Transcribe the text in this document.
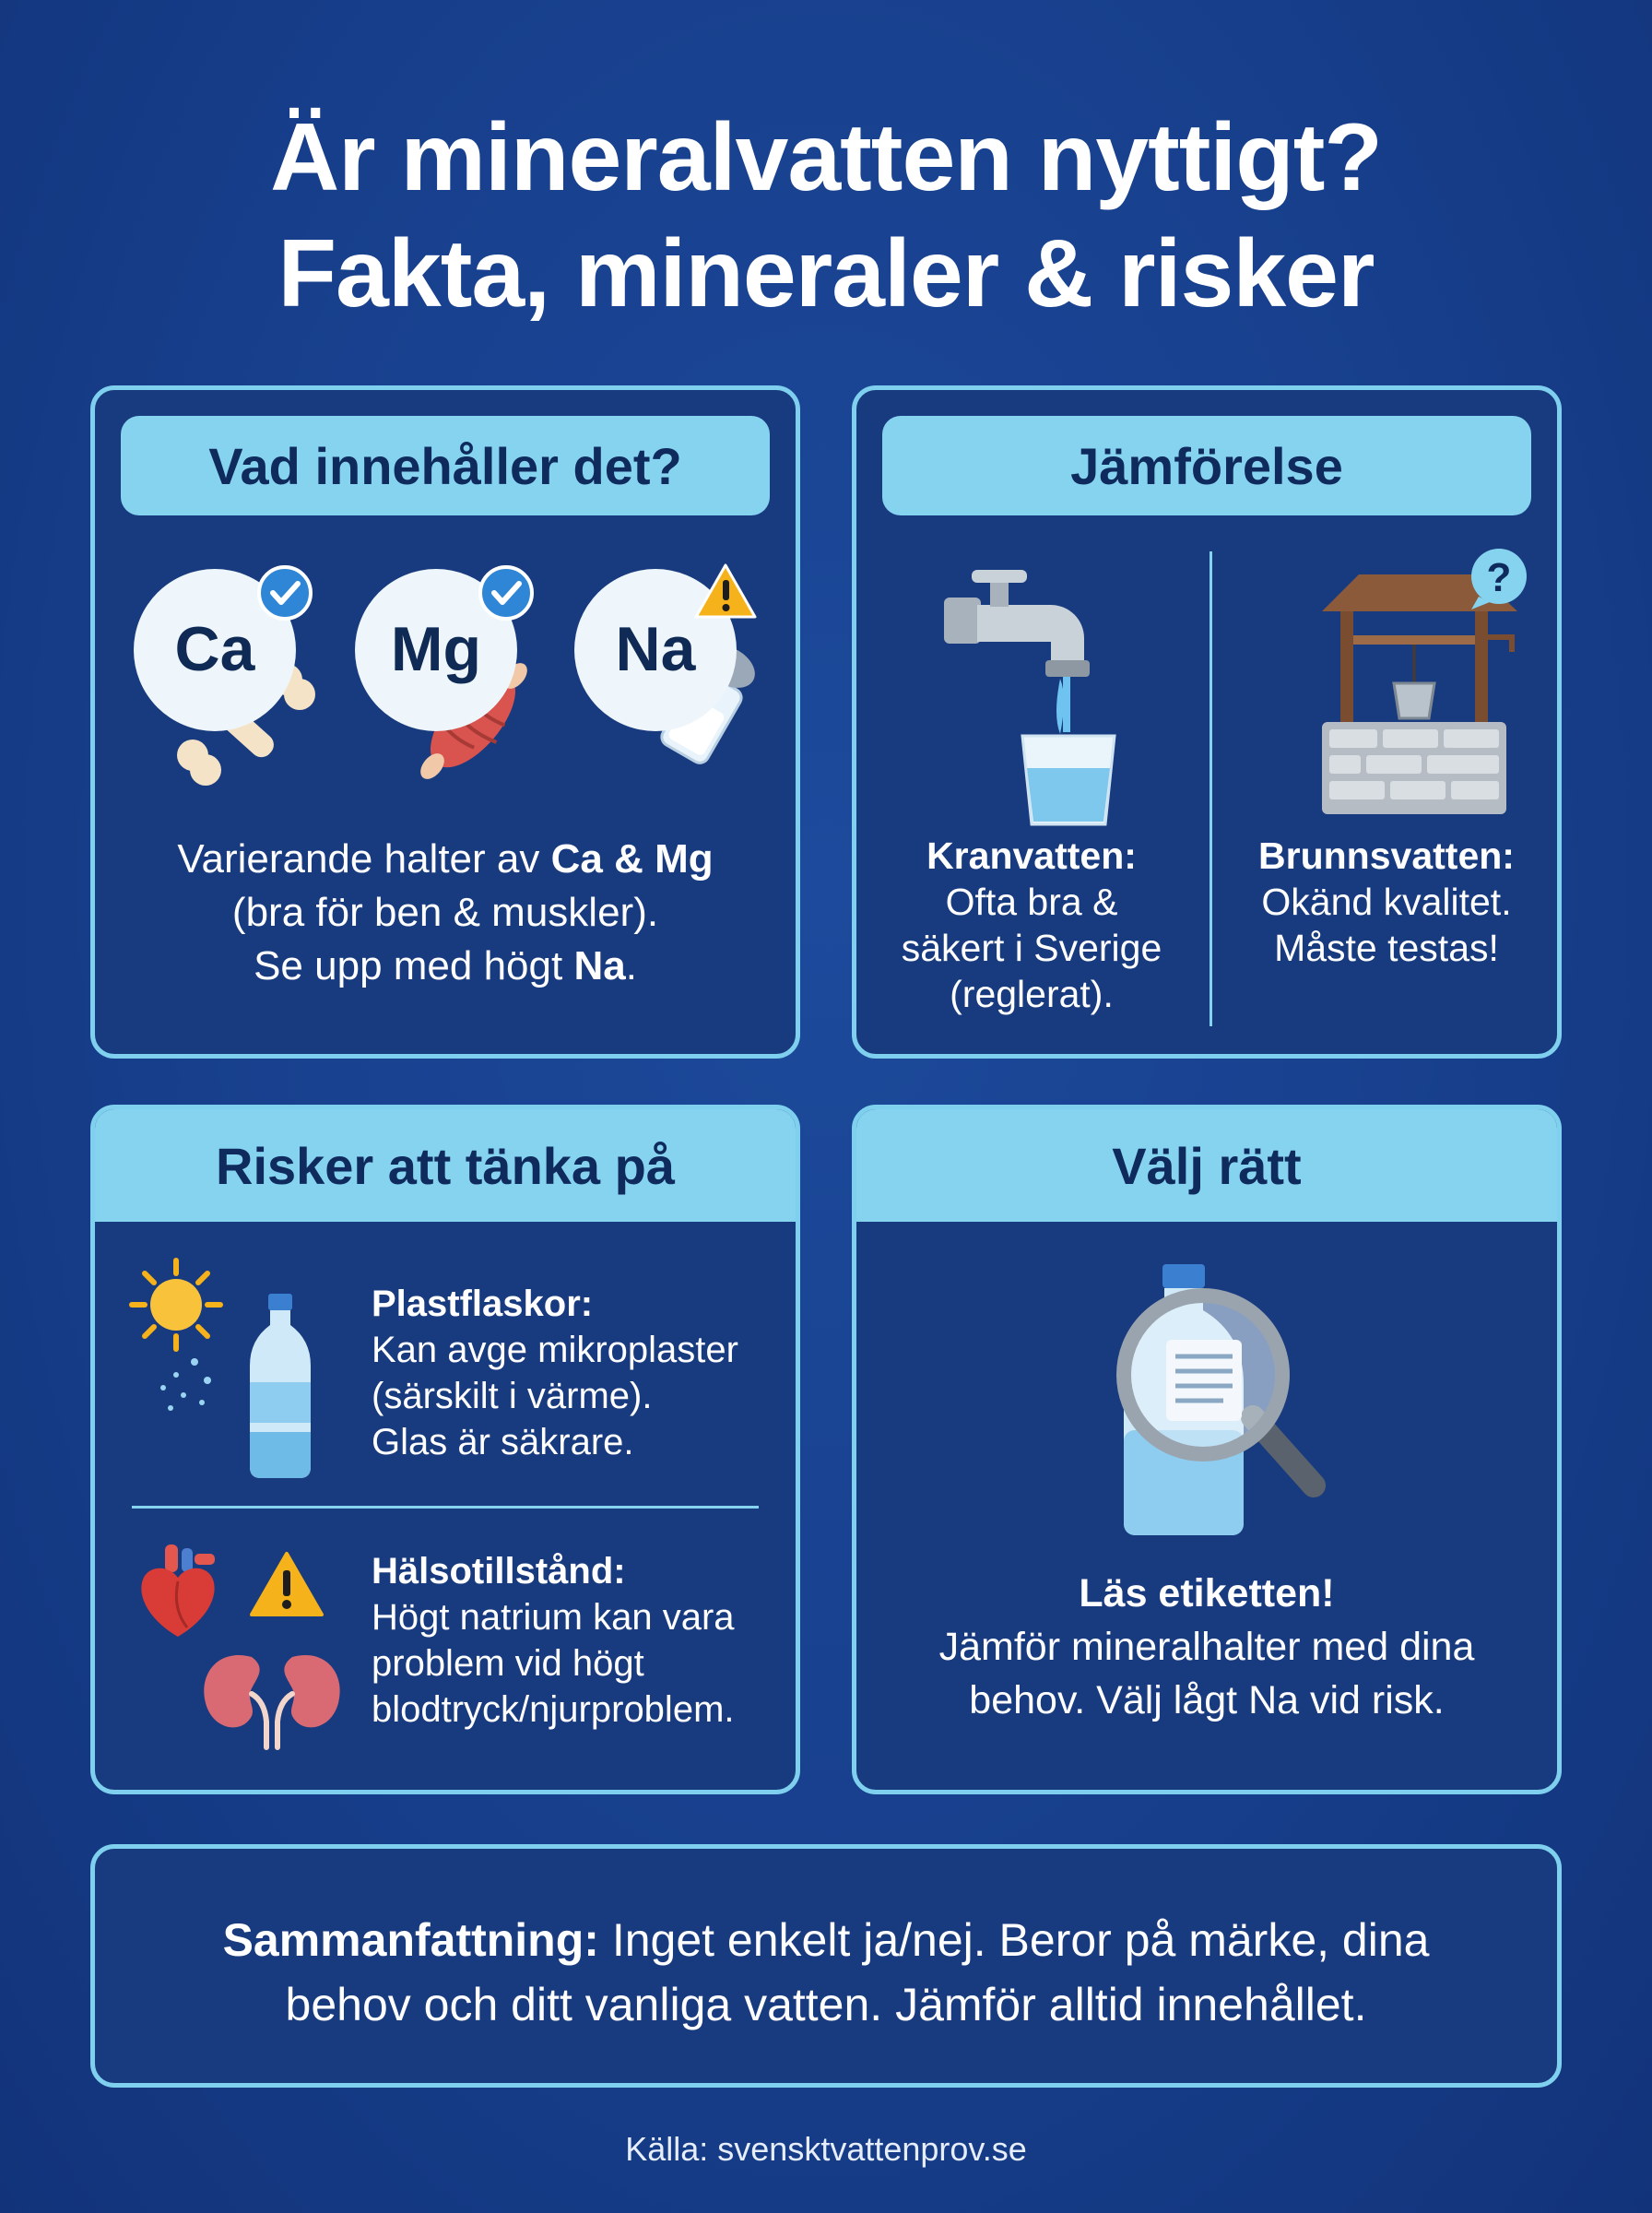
Är mineralvatten nyttigt?
Fakta, mineraler & risker
Vad innehåller det?
Ca Mg Na
Varierande halter av Ca & Mg
(bra för ben & muskler).
Se upp med högt Na.
Jämförelse
?
Kranvatten:
Ofta bra &
säkert i Sverige
(reglerat).
Brunnsvatten:
Okänd kvalitet.
Måste testas!
Risker att tänka på
Plastflaskor:
Kan avge mikroplaster
(särskilt i värme).
Glas är säkrare.
Hälsotillstånd:
Högt natrium kan vara
problem vid högt
blodtryck/njurproblem.
Välj rätt
Läs etiketten!
Jämför mineralhalter med dina
behov. Välj lågt Na vid risk.
Sammanfattning: Inget enkelt ja/nej. Beror på märke, dina
behov och ditt vanliga vatten. Jämför alltid innehållet.
Källa: svensktvattenprov.se
